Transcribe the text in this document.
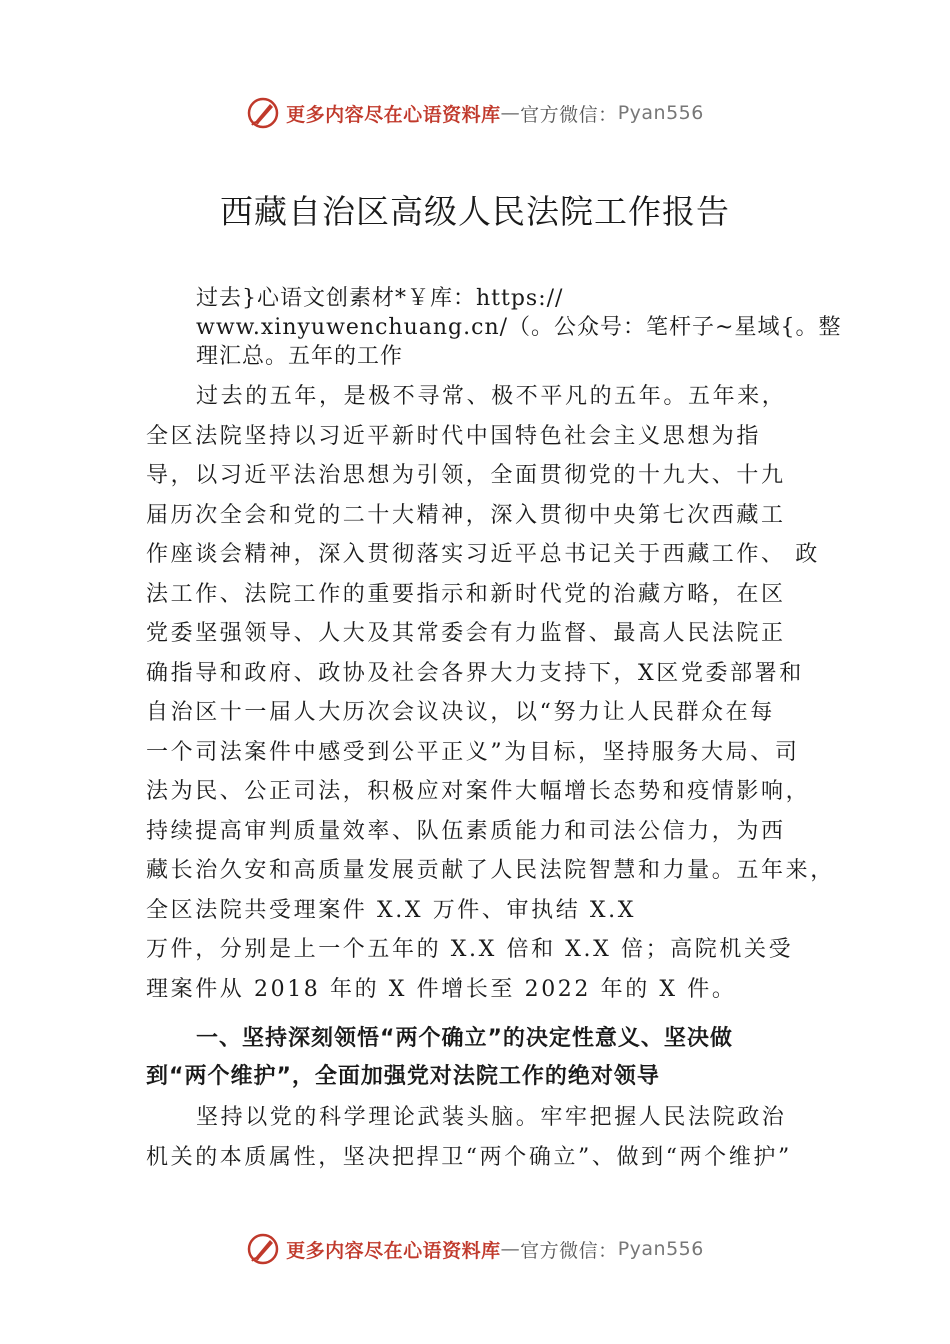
更多内容尽在心语资料库 — 官方微信： Pyan556
西藏自治区高级人民法院工作报告
过去}心语文创素材*￥库：https://
www.xinyuwenchuang.cn/（。公众号：笔杆子~星域{。整
理汇总。五年的工作
过去的五年，是极不寻常、极不平凡的五年。五年来，
全区法院坚持以习近平新时代中国特色社会主义思想为指
导，以习近平法治思想为引领，全面贯彻党的十九大、十九
届历次全会和党的二十大精神，深入贯彻中央第七次西藏工
作座谈会精神，深入贯彻落实习近平总书记关于西藏工作、 政
法工作、法院工作的重要指示和新时代党的治藏方略，在区
党委坚强领导、人大及其常委会有力监督、最高人民法院正
确指导和政府、政协及社会各界大力支持下，X区党委部署和
自治区十一届人大历次会议决议，以“努力让人民群众在每
一个司法案件中感受到公平正义”为目标，坚持服务大局、司
法为民、公正司法，积极应对案件大幅增长态势和疫情影响，
持续提高审判质量效率、队伍素质能力和司法公信力，为西
藏长治久安和高质量发展贡献了人民法院智慧和力量。五年来，
全区法院共受理案件 X.X 万件、审执结 X.X
万件，分别是上一个五年的 X.X 倍和 X.X 倍；高院机关受
理案件从 2018 年的 X 件增长至 2022 年的 X 件。
一、坚持深刻领悟“两个确立”的决定性意义、坚决做
到“两个维护”，全面加强党对法院工作的绝对领导
坚持以党的科学理论武装头脑。牢牢把握人民法院政治
机关的本质属性，坚决把捍卫“两个确立”、做到“两个维护”
更多内容尽在心语资料库 — 官方微信： Pyan556
